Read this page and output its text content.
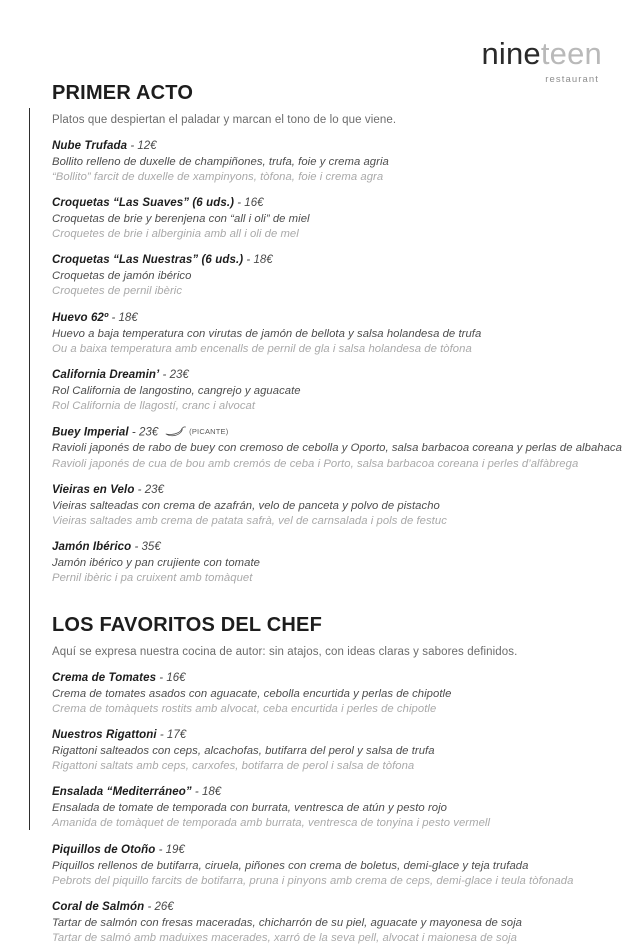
nineteen
restaurant
PRIMER ACTO

Platos que despiertan el paladar y marcan el tono de lo que viene.

Nube Trufada - 12€
Bollito relleno de duxelle de champiñones, trufa, foie y crema agria
“Bollito” farcit de duxelle de xampinyons, tòfona, foie i crema agra
Croquetas “Las Suaves” (6 uds.) - 16€
Croquetas de brie y berenjena con “all i oli” de miel
Croquetes de brie i alberginia amb all i oli de mel
Croquetas “Las Nuestras” (6 uds.) - 18€
Croquetas de jamón ibérico
Croquetes de pernil ibèric
Huevo 62º - 18€
Huevo a baja temperatura con virutas de jamón de bellota y salsa holandesa de trufa
Ou a baixa temperatura amb encenalls de pernil de gla i salsa holandesa de tòfona
California Dreamin’ - 23€
Rol California de langostino, cangrejo y aguacate
Rol California de llagostí, cranc i alvocat
Buey Imperial - 23€	(PICANTE)
Ravioli japonés de rabo de buey con cremoso de cebolla y Oporto, salsa barbacoa coreana y perlas de albahaca
Ravioli japonés de cua de bou amb cremós de ceba i Porto, salsa barbacoa coreana i perles d’alfàbrega
Vieiras en Velo - 23€
Vieiras salteadas con crema de azafrán, velo de panceta y polvo de pistacho
Vieiras saltades amb crema de patata safrà, vel de carnsalada i pols de festuc
Jamón Ibérico - 35€
Jamón ibérico y pan crujiente con tomate
Pernil ibèric i pa cruixent amb tomàquet
LOS FAVORITOS DEL CHEF

Aquí se expresa nuestra cocina de autor: sin atajos, con ideas claras y sabores definidos.

Crema de Tomates - 16€
Crema de tomates asados con aguacate, cebolla encurtida y perlas de chipotle
Crema de tomàquets rostits amb alvocat, ceba encurtida i perles de chipotle
Nuestros Rigattoni - 17€
Rigattoni salteados con ceps, alcachofas, butifarra del perol y salsa de trufa
Rigattoni saltats amb ceps, carxofes, botifarra de perol i salsa de tòfona
Ensalada “Mediterráneo” - 18€
Ensalada de tomate de temporada con burrata, ventresca de atún y pesto rojo
Amanida de tomàquet de temporada amb burrata, ventresca de tonyina i pesto vermell
Piquillos de Otoño - 19€
Piquillos rellenos de butifarra, ciruela, piñones con crema de boletus, demi-glace y teja trufada
Pebrots del piquillo farcits de botifarra, pruna i pinyons amb crema de ceps, demi-glace i teula tòfonada
Coral de Salmón - 26€
Tartar de salmón con fresas maceradas, chicharrón de su piel, aguacate y mayonesa de soja
Tartar de salmó amb maduixes macerades, xarró de la seva pell, alvocat i maionesa de soja
